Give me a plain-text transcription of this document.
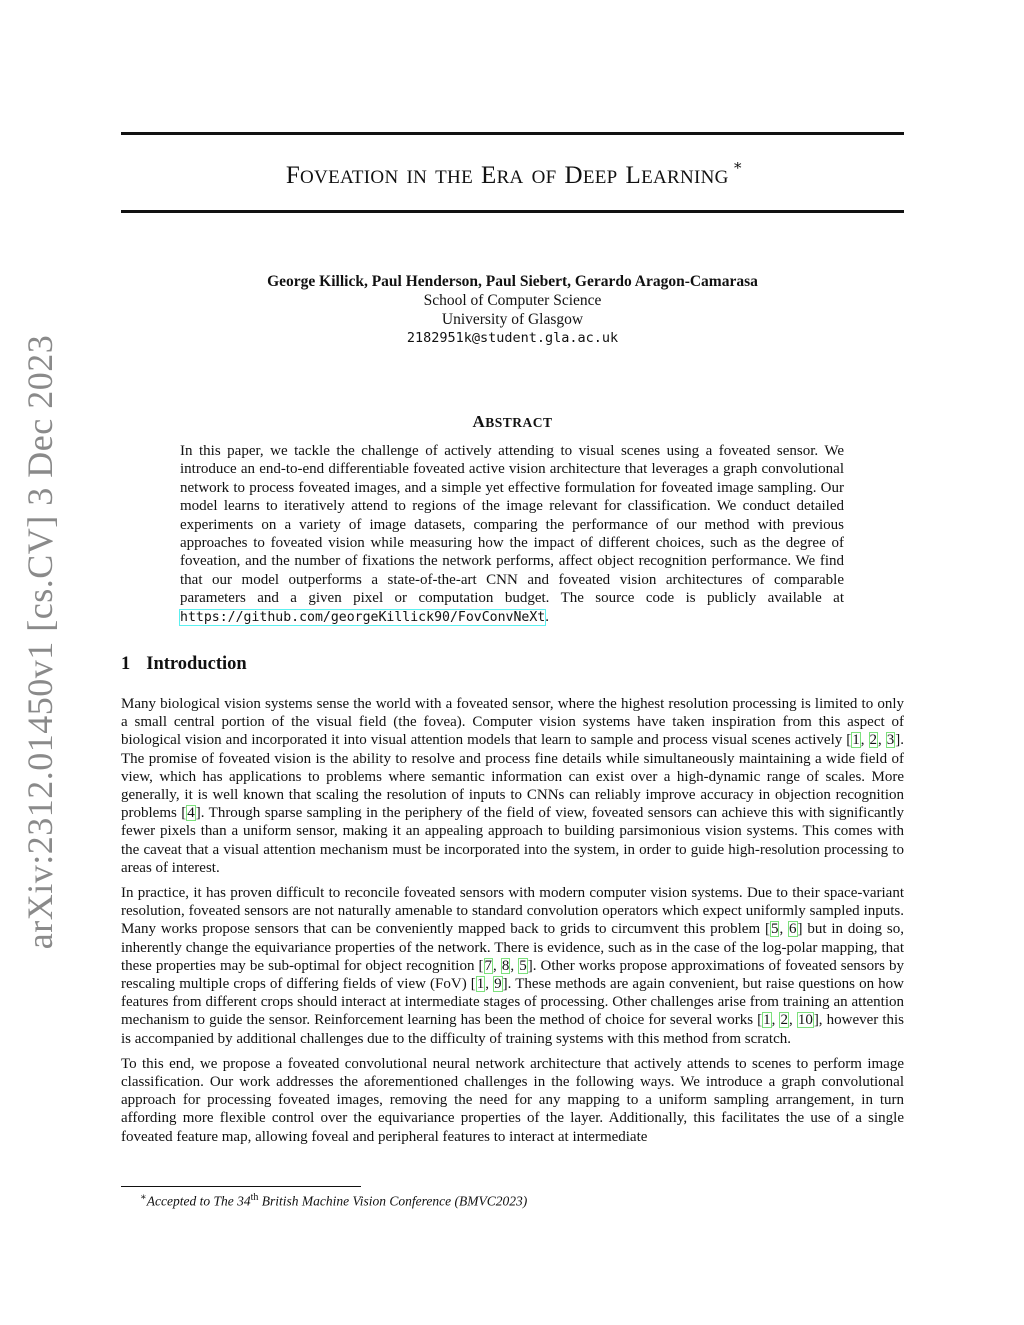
arXiv:2312.01450v1 [cs.CV] 3 Dec 2023
FOVEATION IN THE ERA OF DEEP LEARNING∗
George Killick, Paul Henderson, Paul Siebert, Gerardo Aragon-Camarasa
School of Computer Science
University of Glasgow
2182951k@student.gla.ac.uk
ABSTRACT

In this paper, we tackle the challenge of actively attending to visual scenes using a foveated sensor. We introduce an end-to-end differentiable foveated active vision architecture that leverages a graph convolutional network to process foveated images, and a simple yet effective formulation for foveated image sampling. Our model learns to iteratively attend to regions of the image relevant for classification. We conduct detailed experiments on a variety of image datasets, comparing the performance of our method with previous approaches to foveated vision while measuring how the impact of different choices, such as the degree of foveation, and the number of fixations the network performs, affect object recognition performance. We find that our model outperforms a state-of-the-art CNN and foveated vision architectures of comparable parameters and a given pixel or computation budget. The source code is publicly available at https://github.com/georgeKillick90/FovConvNeXt.

1 Introduction

Many biological vision systems sense the world with a foveated sensor, where the highest resolution processing is limited to only a small central portion of the visual field (the fovea). Computer vision systems have taken inspiration from this aspect of biological vision and incorporated it into visual attention models that learn to sample and process visual scenes actively [1, 2, 3]. The promise of foveated vision is the ability to resolve and process fine details while simultaneously maintaining a wide field of view, which has applications to problems where semantic information can exist over a high-dynamic range of scales. More generally, it is well known that scaling the resolution of inputs to CNNs can reliably improve accuracy in objection recognition problems [4]. Through sparse sampling in the periphery of the field of view, foveated sensors can achieve this with significantly fewer pixels than a uniform sensor, making it an appealing approach to building parsimonious vision systems. This comes with the caveat that a visual attention mechanism must be incorporated into the system, in order to guide high-resolution processing to areas of interest.

In practice, it has proven difficult to reconcile foveated sensors with modern computer vision systems. Due to their space-variant resolution, foveated sensors are not naturally amenable to standard convolution operators which expect uniformly sampled inputs. Many works propose sensors that can be conveniently mapped back to grids to circumvent this problem [5, 6] but in doing so, inherently change the equivariance properties of the network. There is evidence, such as in the case of the log-polar mapping, that these properties may be sub-optimal for object recognition [7, 8, 5]. Other works propose approximations of foveated sensors by rescaling multiple crops of differing fields of view (FoV) [1, 9]. These methods are again convenient, but raise questions on how features from different crops should interact at intermediate stages of processing. Other challenges arise from training an attention mechanism to guide the sensor. Reinforcement learning has been the method of choice for several works [1, 2, 10], however this is accompanied by additional challenges due to the difficulty of training systems with this method from scratch.

To this end, we propose a foveated convolutional neural network architecture that actively attends to scenes to perform image classification. Our work addresses the aforementioned challenges in the following ways. We introduce a graph convolutional approach for processing foveated images, removing the need for any mapping to a uniform sampling arrangement, in turn affording more flexible control over the equivariance properties of the layer. Additionally, this facilitates the use of a single foveated feature map, allowing foveal and peripheral features to interact at intermediate

∗Accepted to The 34th British Machine Vision Conference (BMVC2023)
